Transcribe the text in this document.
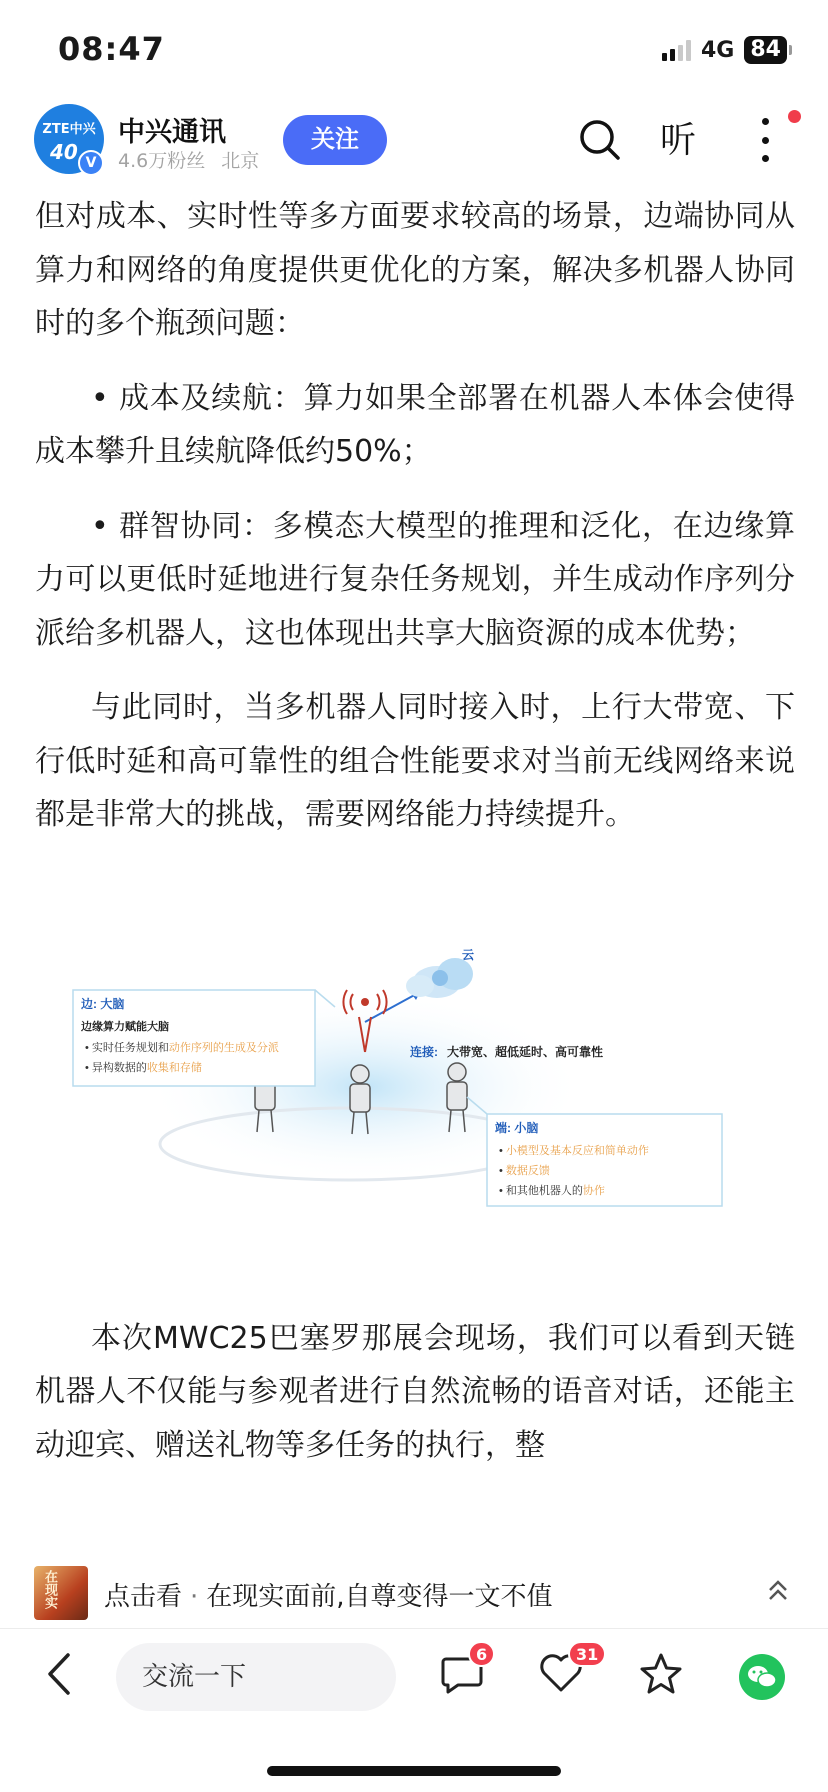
08:47	4G 84
ZTE中兴
40 V
中兴通讯
4.6万粉丝 北京
关注	听

但对成本、实时性等多方面要求较高的场景，边端协同从算力和网络的角度提供更优化的方案，解决多机器人协同时的多个瓶颈问题：

• 成本及续航：算力如果全部署在机器人本体会使得成本攀升且续航降低约50%；

• 群智协同：多模态大模型的推理和泛化，在边缘算力可以更低时延地进行复杂任务规划，并生成动作序列分派给多机器人，这也体现出共享大脑资源的成本优势；

与此同时，当多机器人同时接入时，上行大带宽、下行低时延和高可靠性的组合性能要求对当前无线网络来说都是非常大的挑战，需要网络能力持续提升。

云
边: 大脑
边缘算力赋能大脑
• 实时任务规划和动作序列的生成及分派
• 异构数据的收集和存储
连接: 大带宽、超低延时、高可靠性
端: 小脑
• 小模型及基本反应和简单动作
• 数据反馈
• 和其他机器人的协作

本次MWC25巴塞罗那展会现场，我们可以看到天链机器人不仅能与参观者进行自然流畅的语音对话，还能主动迎宾、赠送礼物等多任务的执行，整

在现实 点击看 · 在现实面前,自尊变得一文不值
交流一下
6	31
